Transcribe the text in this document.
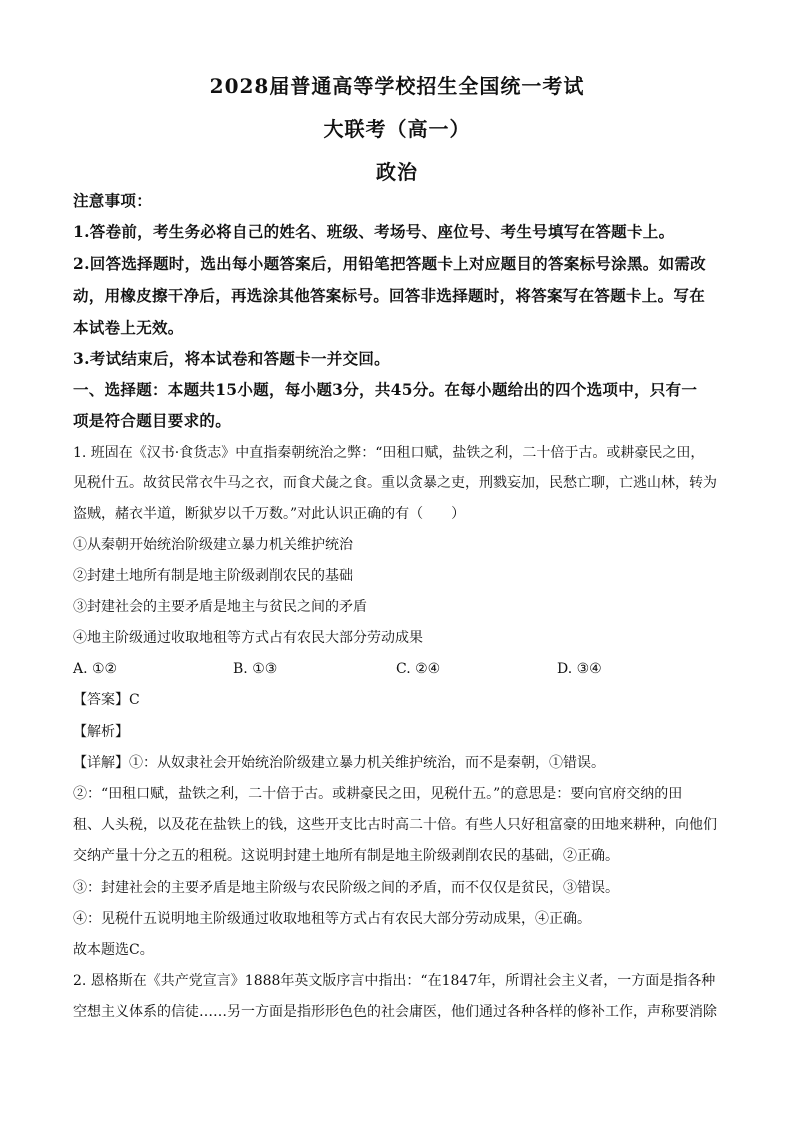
2028届普通高等学校招生全国统一考试
大联考（高一）
政治
注意事项：
1.答卷前，考生务必将自己的姓名、班级、考场号、座位号、考生号填写在答题卡上。
2.回答选择题时，选出每小题答案后，用铅笔把答题卡上对应题目的答案标号涂黑。如需改
动，用橡皮擦干净后，再选涂其他答案标号。回答非选择题时，将答案写在答题卡上。写在
本试卷上无效。
3.考试结束后，将本试卷和答题卡一并交回。
一、选择题：本题共15小题，每小题3分，共45分。在每小题给出的四个选项中，只有一
项是符合题目要求的。
1. 班固在《汉书·食货志》中直指秦朝统治之弊：“田租口赋，盐铁之利，二十倍于古。或耕豪民之田，
见税什五。故贫民常衣牛马之衣，而食犬彘之食。重以贪暴之吏，刑戮妄加，民愁亡聊，亡逃山林，转为
盗贼，赭衣半道，断狱岁以千万数。”对此认识正确的有（　　）
①从秦朝开始统治阶级建立暴力机关维护统治
②封建土地所有制是地主阶级剥削农民的基础
③封建社会的主要矛盾是地主与贫民之间的矛盾
④地主阶级通过收取地租等方式占有农民大部分劳动成果
A. ①②	B. ①③	C. ②④	D. ③④
【答案】C
【解析】
【详解】①：从奴隶社会开始统治阶级建立暴力机关维护统治，而不是秦朝，①错误。
②：“田租口赋，盐铁之利，二十倍于古。或耕豪民之田，见税什五。”的意思是：要向官府交纳的田
租、人头税，以及花在盐铁上的钱，这些开支比古时高二十倍。有些人只好租富豪的田地来耕种，向他们
交纳产量十分之五的租税。这说明封建土地所有制是地主阶级剥削农民的基础，②正确。
③：封建社会的主要矛盾是地主阶级与农民阶级之间的矛盾，而不仅仅是贫民，③错误。
④：见税什五说明地主阶级通过收取地租等方式占有农民大部分劳动成果，④正确。
故本题选C。
2. 恩格斯在《共产党宣言》1888年英文版序言中指出：“在1847年，所谓社会主义者，一方面是指各种
空想主义体系的信徒……另一方面是指形形色色的社会庸医，他们通过各种各样的修补工作，声称要消除
